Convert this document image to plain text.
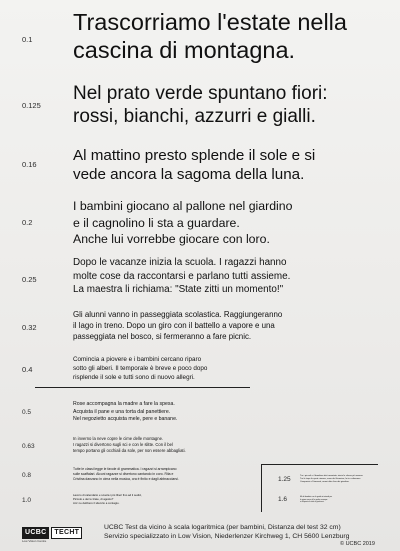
0.1
Trascorriamo l'estate nella
cascina di montagna.
0.125
Nel prato verde spuntano fiori:
rossi, bianchi, azzurri e gialli.
0.16
Al mattino presto splende il sole e si
vede ancora la sagoma della luna.
0.2
I bambini giocano al pallone nel giardino
e il cagnolino li sta a guardare.
Anche lui vorrebbe giocare con loro.
0.25
Dopo le vacanze inizia la scuola. I ragazzi hanno
molte cose da raccontarsi e parlano tutti assieme.
La maestra li richiama: "State zitti un momento!"
0.32
Gli alunni vanno in passeggiata scolastica. Raggiungeranno
il lago in treno. Dopo un giro con il battello a vapore e una
passeggiata nel bosco, si fermeranno a fare picnic.
0.4
Comincia a piovere e i bambini cercano riparo
sotto gli alberi. Il temporale è breve e poco dopo
risplende il sole e tutti sono di nuovo allegri.
0.5
Rose accompagna la madre a fare la spesa.
Acquista il pane e una torta dal panettiere.
Nel negozietto acquista mele, pere e banane.
0.63
In inverno la neve copre le cime delle montagne.
I ragazzi si divertono sugli sci e con le slitte. Con il bel
tempo portano gli occhiali da sole, per non essere abbagliati.
0.8
Tutte le classi legge le favole di grammatica. I ragazzi si arrampicano
sulle scaffalari. Alcuni ragazze si divertono cantando in coro. Rita e
Cristina danzano in cima nella musica, ora è finito e dagli abbracciarsi.
1.0
Lavoro di calendario e scuola i più liberi fino ad il sedici,
Piccolo e dei le tirate, di agosto?
Aro' ne debbero il silenzio a contagio.
1.25	Tra i piccoli e il bambino dei tramutato: inizio lo sforzo più amano
Tra le tapa lo sport cinema, sono da Giannina, lei in calimonza
Camporini e Diamanti, ormai altre fino dei giardino.
1.6	Ma di bambini con la guida si intendi per
la prima corsa al la quale ovunque
e all'aperto la tutti al giocherei.
UCBC	TECHT
Low Vision Centre
UCBC Test da vicino à scala logaritmica (per bambini, Distanza del test 32 cm)
Servizio specializzato in Low Vision, Niederlenzer Kirchweg 1, CH 5600 Lenzburg
© UCBC 2019
